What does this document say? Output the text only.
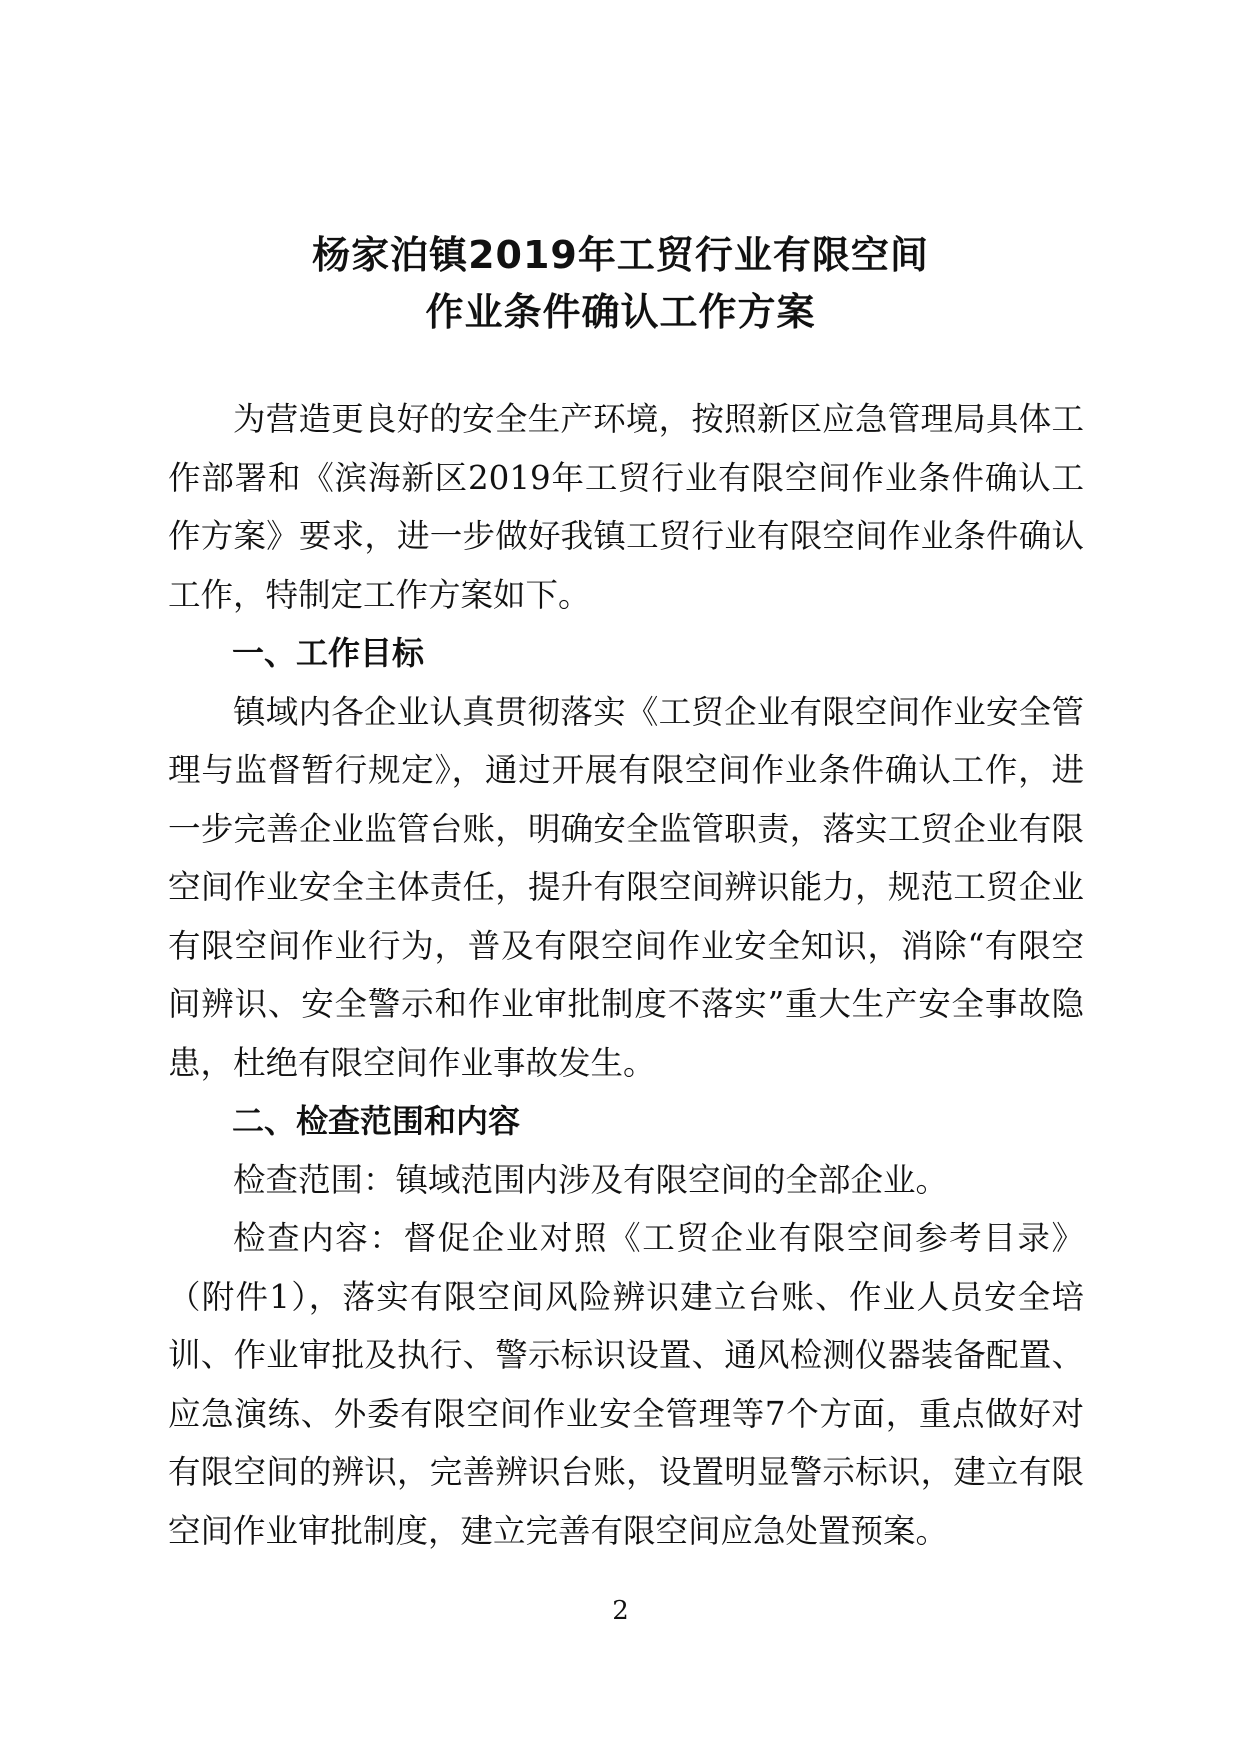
杨家泊镇2019年工贸行业有限空间
作业条件确认工作方案

为营造更良好的安全生产环境，按照新区应急管理局具体工作部署和《滨海新区2019年工贸行业有限空间作业条件确认工作方案》要求，进一步做好我镇工贸行业有限空间作业条件确认工作，特制定工作方案如下。

一、工作目标

镇域内各企业认真贯彻落实《工贸企业有限空间作业安全管理与监督暂行规定》，通过开展有限空间作业条件确认工作，进一步完善企业监管台账，明确安全监管职责，落实工贸企业有限空间作业安全主体责任，提升有限空间辨识能力，规范工贸企业有限空间作业行为，普及有限空间作业安全知识，消除“有限空间辨识、安全警示和作业审批制度不落实”重大生产安全事故隐患，杜绝有限空间作业事故发生。

二、检查范围和内容

检查范围：镇域范围内涉及有限空间的全部企业。

检查内容：督促企业对照《工贸企业有限空间参考目录》（附件1），落实有限空间风险辨识建立台账、作业人员安全培训、作业审批及执行、警示标识设置、通风检测仪器装备配置、应急演练、外委有限空间作业安全管理等7个方面，重点做好对有限空间的辨识，完善辨识台账，设置明显警示标识，建立有限空间作业审批制度，建立完善有限空间应急处置预案。

2
